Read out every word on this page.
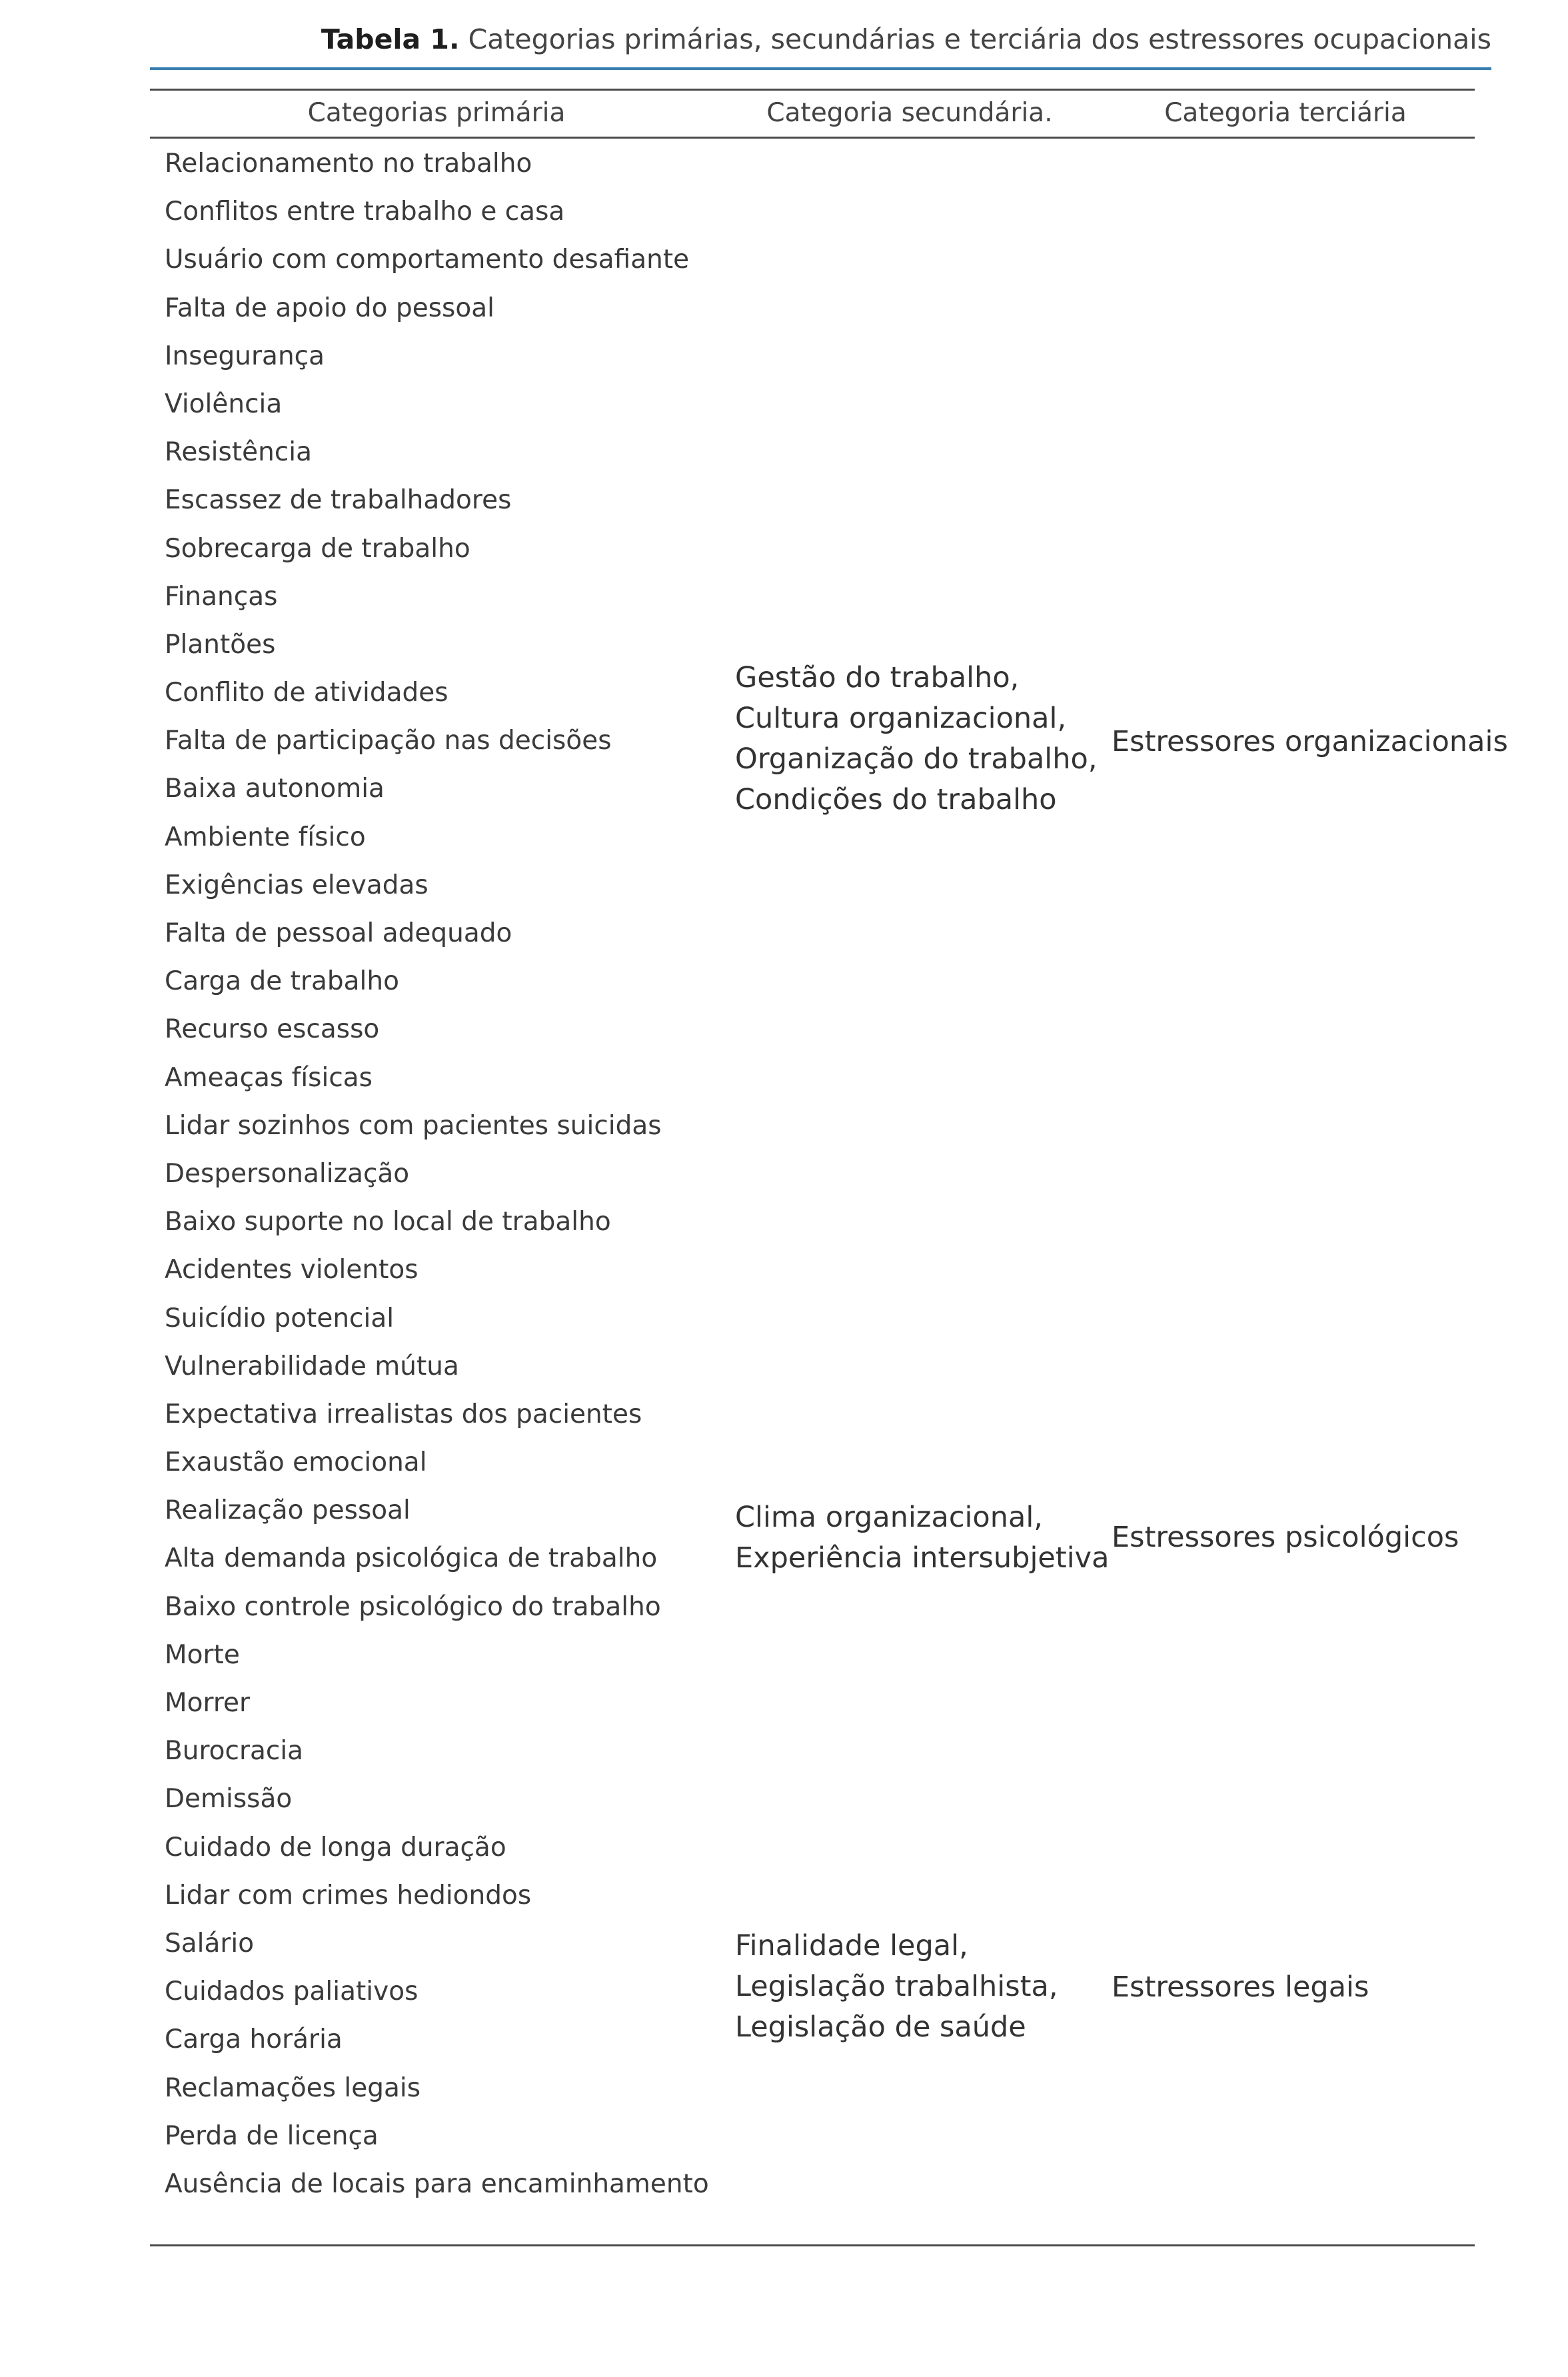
Tabela 1. Categorias primárias, secundárias e terciária dos estressores ocupacionais
Categorias primária	Categoria secundária.	Categoria terciária
Relacionamento no trabalho
Conflitos entre trabalho e casa
Usuário com comportamento desafiante
Falta de apoio do pessoal
Insegurança
Violência
Resistência
Escassez de trabalhadores
Sobrecarga de trabalho
Finanças
Plantões
Conflito de atividades
Falta de participação nas decisões
Baixa autonomia
Ambiente físico
Exigências elevadas
Falta de pessoal adequado
Carga de trabalho
Recurso escasso
Ameaças físicas
Lidar sozinhos com pacientes suicidas
Despersonalização
Baixo suporte no local de trabalho
Acidentes violentos
Suicídio potencial
Vulnerabilidade mútua
Expectativa irrealistas dos pacientes
Exaustão emocional
Realização pessoal
Alta demanda psicológica de trabalho
Baixo controle psicológico do trabalho
Morte
Morrer
Burocracia
Demissão
Cuidado de longa duração
Lidar com crimes hediondos
Salário
Cuidados paliativos
Carga horária
Reclamações legais
Perda de licença
Ausência de locais para encaminhamento
Gestão do trabalho,
Cultura organizacional,
Organização do trabalho,
Condições do trabalho
Estressores organizacionais
Clima organizacional,
Experiência intersubjetiva
Estressores psicológicos
Finalidade legal,
Legislação trabalhista,
Legislação de saúde
Estressores legais
